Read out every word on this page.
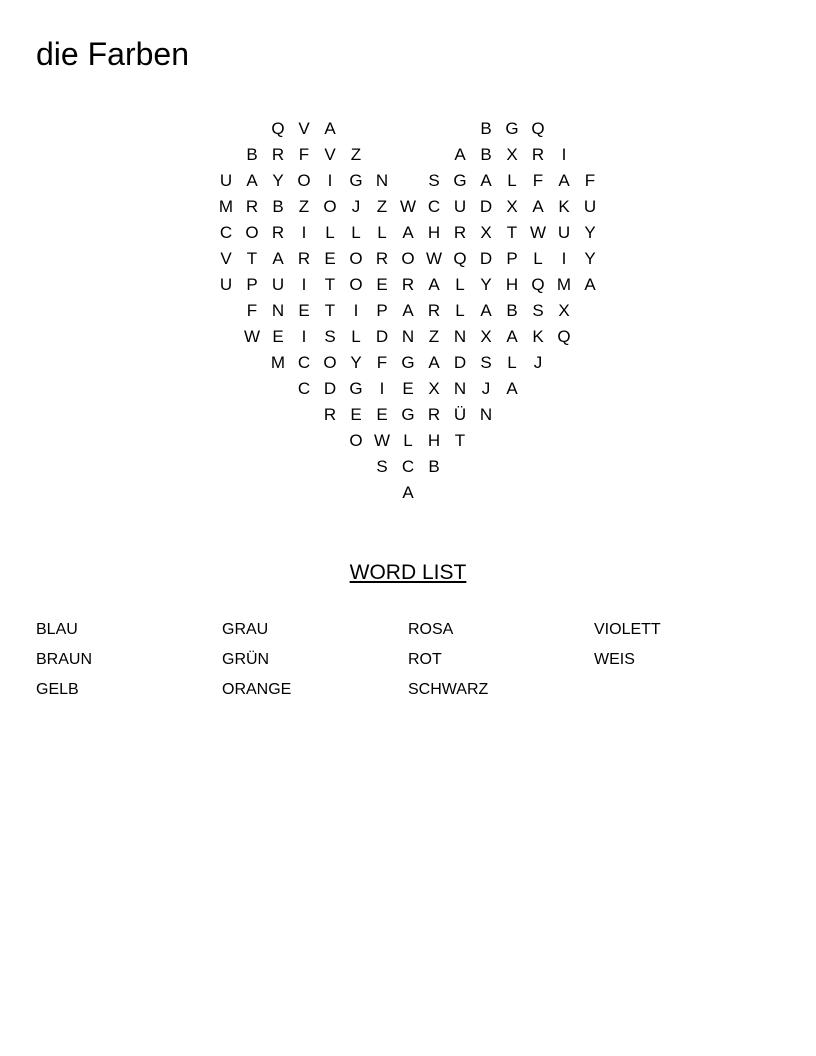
die Farben
Q V A	B G Q
B R F V Z	A B X R I
U A Y O I G N S G A L F A F
M R B Z O J Z W C U D X A K U
C O R I L L L A H R X T W U Y
V T A R E O R O W Q D P L I Y
U P U I T O E R A L Y H Q M A
F N E T I P A R L A B S X
W E I S L D N Z N X A K Q
M C O Y F G A D S L J
C D G I E X N J A
R E E G R Ü N
O W L H T
S C B
A
WORD LIST
BLAU
BRAUN
GELB
GRAU
GRÜN
ORANGE
ROSA
ROT
SCHWARZ
VIOLETT
WEIS
